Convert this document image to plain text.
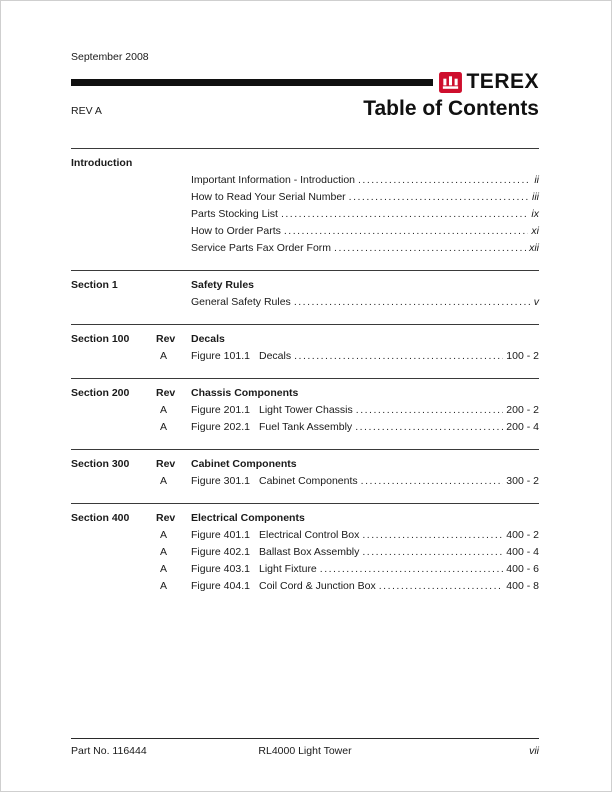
September 2008
TEREX
REV A	Table of Contents
Introduction
Important Information - Introduction .....	ii
How to Read Your Serial Number .....	iii
Parts Stocking List .....	ix
How to Order Parts .....	xi
Service Parts Fax Order Form .....	xii
Section 1	Safety Rules
General Safety Rules .....	v
Section 100	Rev	Decals
A	Figure 101.1 Decals .....	100 - 2
Section 200	Rev	Chassis Components
A	Figure 201.1 Light Tower Chassis .....	200 - 2
A	Figure 202.1 Fuel Tank Assembly .....	200 - 4
Section 300	Rev	Cabinet Components
A	Figure 301.1 Cabinet Components .....	300 - 2
Section 400	Rev	Electrical Components
A	Figure 401.1 Electrical Control Box .....	400 - 2
A	Figure 402.1 Ballast Box Assembly .....	400 - 4
A	Figure 403.1 Light Fixture .....	400 - 6
A	Figure 404.1 Coil Cord & Junction Box .....	400 - 8
Part No. 116444	RL4000 Light Tower	vii
